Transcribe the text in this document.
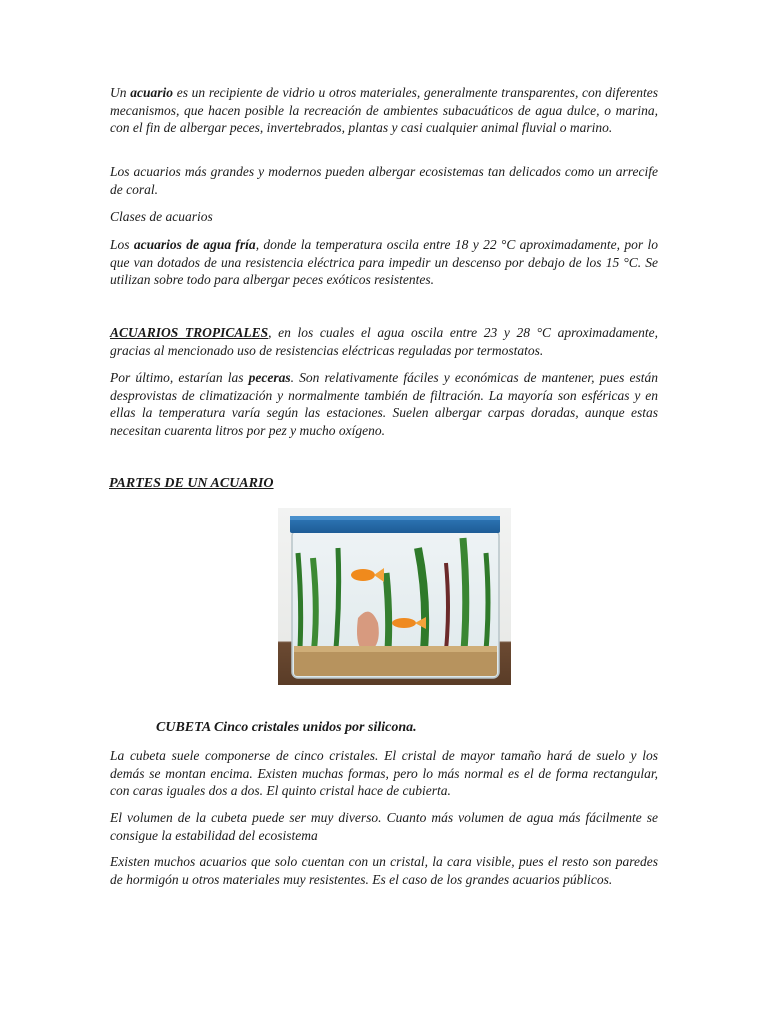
Un acuario es un recipiente de vidrio u otros materiales, generalmente transparentes, con diferentes mecanismos, que hacen posible la recreación de ambientes subacuáticos de agua dulce, o marina, con el fin de albergar peces, invertebrados, plantas y casi cualquier animal fluvial o marino.

Los acuarios más grandes y modernos pueden albergar ecosistemas tan delicados como un arrecife de coral.

Clases de acuarios

Los acuarios de agua fría, donde la temperatura oscila entre 18 y 22 °C aproximadamente, por lo que van dotados de una resistencia eléctrica para impedir un descenso por debajo de los 15 °C. Se utilizan sobre todo para albergar peces exóticos resistentes.

ACUARIOS TROPICALES, en los cuales el agua oscila entre 23 y 28 °C aproximadamente, gracias al mencionado uso de resistencias eléctricas reguladas por termostatos.

Por último, estarían las peceras. Son relativamente fáciles y económicas de mantener, pues están desprovistas de climatización y normalmente también de filtración. La mayoría son esféricas y en ellas la temperatura varía según las estaciones. Suelen albergar carpas doradas, aunque estas necesitan cuarenta litros por pez y mucho oxígeno.

PARTES DE UN ACUARIO

CUBETA Cinco cristales unidos por silicona.

La cubeta suele componerse de cinco cristales. El cristal de mayor tamaño hará de suelo y los demás se montan encima. Existen muchas formas, pero lo más normal es el de forma rectangular, con caras iguales dos a dos. El quinto cristal hace de cubierta.

El volumen de la cubeta puede ser muy diverso. Cuanto más volumen de agua más fácilmente se consigue la estabilidad del ecosistema

Existen muchos acuarios que solo cuentan con un cristal, la cara visible, pues el resto son paredes de hormigón u otros materiales muy resistentes. Es el caso de los grandes acuarios públicos.
